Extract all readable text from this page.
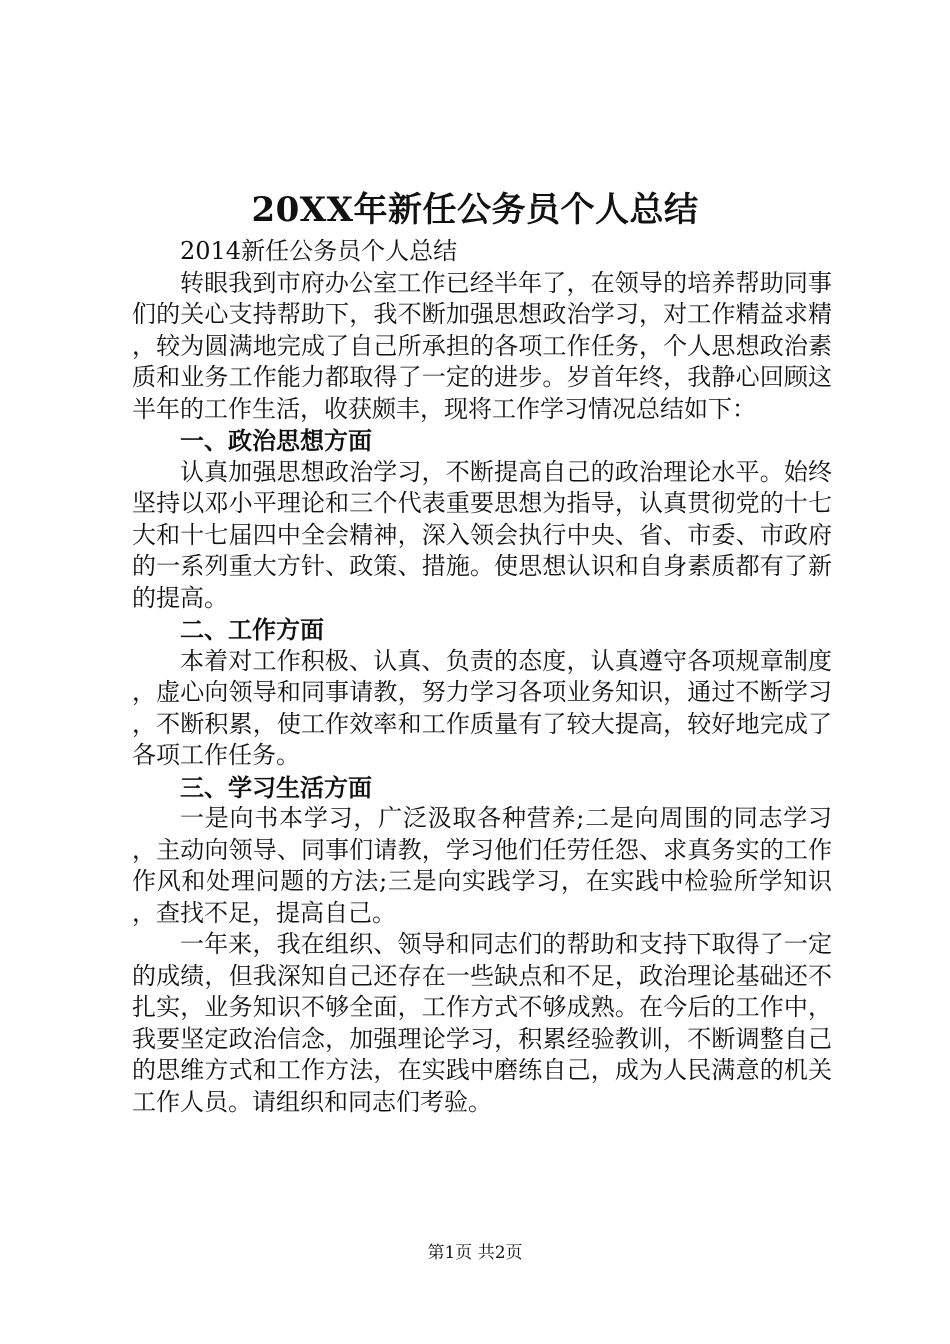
20XX年新任公务员个人总结

2014新任公务员个人总结

转眼我到市府办公室工作已经半年了，在领导的培养帮助同事们的关心支持帮助下，我不断加强思想政治学习，对工作精益求精，较为圆满地完成了自己所承担的各项工作任务，个人思想政治素质和业务工作能力都取得了一定的进步。岁首年终，我静心回顾这半年的工作生活，收获颇丰，现将工作学习情况总结如下：

一、政治思想方面

认真加强思想政治学习，不断提高自己的政治理论水平。始终坚持以邓小平理论和三个代表重要思想为指导，认真贯彻党的十七大和十七届四中全会精神，深入领会执行中央、省、市委、市政府的一系列重大方针、政策、措施。使思想认识和自身素质都有了新的提高。

二、工作方面

本着对工作积极、认真、负责的态度，认真遵守各项规章制度，虚心向领导和同事请教，努力学习各项业务知识，通过不断学习，不断积累，使工作效率和工作质量有了较大提高，较好地完成了各项工作任务。

三、学习生活方面

一是向书本学习，广泛汲取各种营养;二是向周围的同志学习，主动向领导、同事们请教，学习他们任劳任怨、求真务实的工作作风和处理问题的方法;三是向实践学习，在实践中检验所学知识，查找不足，提高自己。

一年来，我在组织、领导和同志们的帮助和支持下取得了一定的成绩，但我深知自己还存在一些缺点和不足，政治理论基础还不扎实，业务知识不够全面，工作方式不够成熟。在今后的工作中，我要坚定政治信念，加强理论学习，积累经验教训，不断调整自己的思维方式和工作方法，在实践中磨练自己，成为人民满意的机关工作人员。请组织和同志们考验。

第1页 共2页
